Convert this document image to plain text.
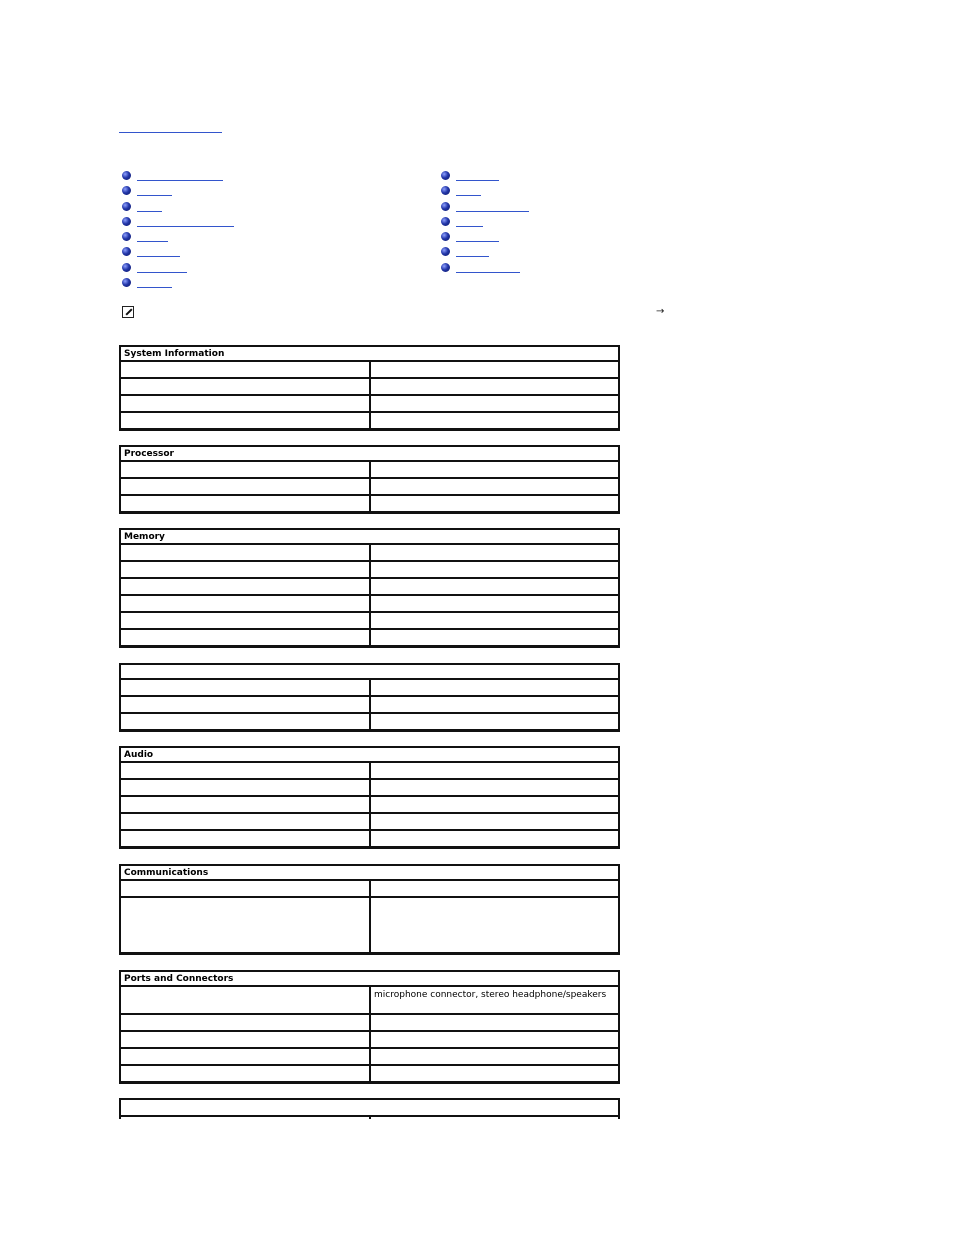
→
System Information
Processor
Memory
Audio
Communications
Ports and Connectors
microphone connector, stereo headphone/speakers
